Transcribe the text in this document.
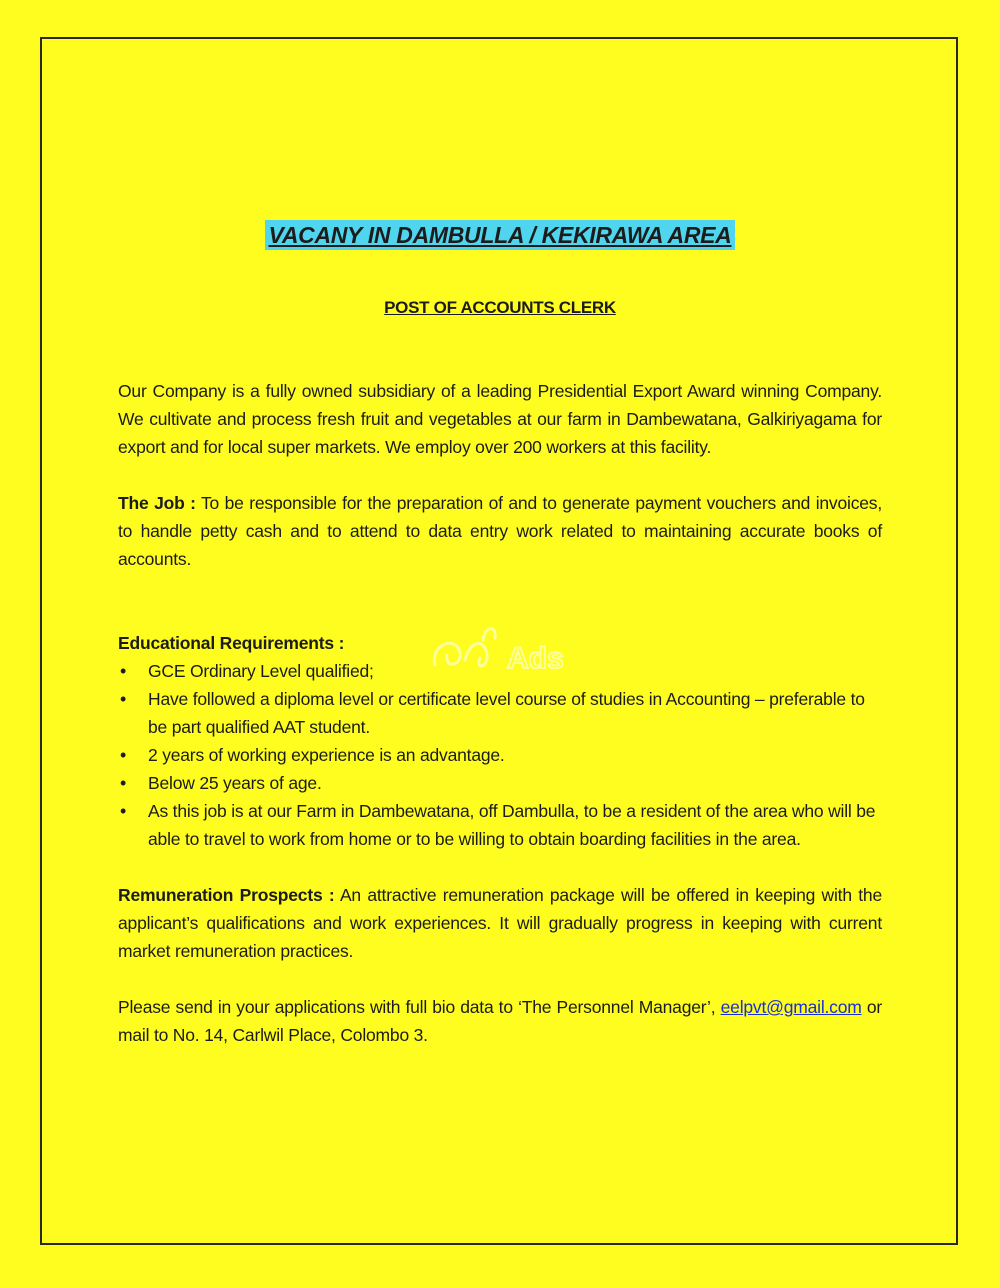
VACANY IN DAMBULLA / KEKIRAWA AREA
POST OF ACCOUNTS CLERK

Our Company is a fully owned subsidiary of a leading Presidential Export Award winning Company. We cultivate and process fresh fruit and vegetables at our farm in Dambewatana, Galkiriyagama for export and for local super markets. We employ over 200 workers at this facility.

The Job : To be responsible for the preparation of and to generate payment vouchers and invoices, to handle petty cash and to attend to data entry work related to maintaining accurate books of accounts.

Educational Requirements :

• GCE Ordinary Level qualified;
• Have followed a diploma level or certificate level course of studies in Accounting – preferable to be part qualified AAT student.
• 2 years of working experience is an advantage.
• Below 25 years of age.
• As this job is at our Farm in Dambewatana, off Dambulla, to be a resident of the area who will be able to travel to work from home or to be willing to obtain boarding facilities in the area.

Remuneration Prospects : An attractive remuneration package will be offered in keeping with the applicant’s qualifications and work experiences. It will gradually progress in keeping with current market remuneration practices.

Please send in your applications with full bio data to ‘The Personnel Manager’, eelpvt@gmail.com or mail to No. 14, Carlwil Place, Colombo 3.

Ads
